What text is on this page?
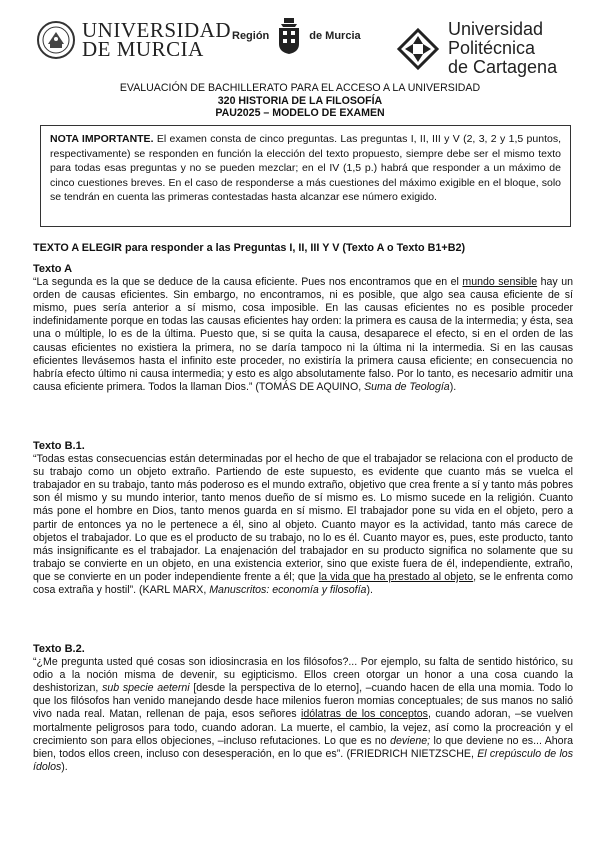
UNIVERSIDAD
DE MURCIA
Región	de Murcia	Universidad
Politécnica
de Cartagena
EVALUACIÓN DE BACHILLERATO PARA EL ACCESO A LA UNIVERSIDAD
320 HISTORIA DE LA FILOSOFÍA
PAU2025 – MODELO DE EXAMEN
NOTA IMPORTANTE. El examen consta de cinco preguntas. Las preguntas I, II, III y V (2, 3, 2 y 1,5 puntos, respectivamente) se responden en función la elección del texto propuesto, siempre debe ser el mismo texto para todas esas preguntas y no se pueden mezclar; en el IV (1,5 p.) habrá que responder a un máximo de cinco cuestiones breves. En el caso de responderse a más cuestiones del máximo exigible en el bloque, solo se tendrán en cuenta las primeras contestadas hasta alcanzar ese número exigido.
TEXTO A ELEGIR para responder a las Preguntas I, II, III Y V (Texto A o Texto B1+B2)
Texto A
“La segunda es la que se deduce de la causa eficiente. Pues nos encontramos que en el mundo sensible hay un orden de causas eficientes. Sin embargo, no encontramos, ni es posible, que algo sea causa eficiente de sí mismo, pues sería anterior a sí mismo, cosa imposible. En las causas eficientes no es posible proceder indefinidamente porque en todas las causas eficientes hay orden: la primera es causa de la intermedia; y ésta, sea una o múltiple, lo es de la última. Puesto que, si se quita la causa, desaparece el efecto, si en el orden de las causas eficientes no existiera la primera, no se daría tampoco ni la última ni la intermedia. Si en las causas eficientes llevásemos hasta el infinito este proceder, no existiría la primera causa eficiente; en consecuencia no habría efecto último ni causa intermedia; y esto es algo absolutamente falso. Por lo tanto, es necesario admitir una causa eficiente primera. Todos la llaman Dios.” (TOMÁS DE AQUINO, Suma de Teología).
Texto B.1.
“Todas estas consecuencias están determinadas por el hecho de que el trabajador se relaciona con el producto de su trabajo como un objeto extraño. Partiendo de este supuesto, es evidente que cuanto más se vuelca el trabajador en su trabajo, tanto más poderoso es el mundo extraño, objetivo que crea frente a sí y tanto más pobres son él mismo y su mundo interior, tanto menos dueño de sí mismo es. Lo mismo sucede en la religión. Cuanto más pone el hombre en Dios, tanto menos guarda en sí mismo. El trabajador pone su vida en el objeto, pero a partir de entonces ya no le pertenece a él, sino al objeto. Cuanto mayor es la actividad, tanto más carece de objetos el trabajador. Lo que es el producto de su trabajo, no lo es él. Cuanto mayor es, pues, este producto, tanto más insignificante es el trabajador. La enajenación del trabajador en su producto significa no solamente que su trabajo se convierte en un objeto, en una existencia exterior, sino que existe fuera de él, independiente, extraño, que se convierte en un poder independiente frente a él; que la vida que ha prestado al objeto, se le enfrenta como cosa extraña y hostil”. (KARL MARX, Manuscritos: economía y filosofía).
Texto B.2.
“¿Me pregunta usted qué cosas son idiosincrasia en los filósofos?... Por ejemplo, su falta de sentido histórico, su odio a la noción misma de devenir, su egipticismo. Ellos creen otorgar un honor a una cosa cuando la deshistorizan, sub specie aeterni [desde la perspectiva de lo eterno], –cuando hacen de ella una momia. Todo lo que los filósofos han venido manejando desde hace milenios fueron momias conceptuales; de sus manos no salió vivo nada real. Matan, rellenan de paja, esos señores idólatras de los conceptos, cuando adoran, –se vuelven mortalmente peligrosos para todo, cuando adoran. La muerte, el cambio, la vejez, así como la procreación y el crecimiento son para ellos objeciones, –incluso refutaciones. Lo que es no deviene; lo que deviene no es... Ahora bien, todos ellos creen, incluso con desesperación, en lo que es”. (FRIEDRICH NIETZSCHE, El crepúsculo de los ídolos).
